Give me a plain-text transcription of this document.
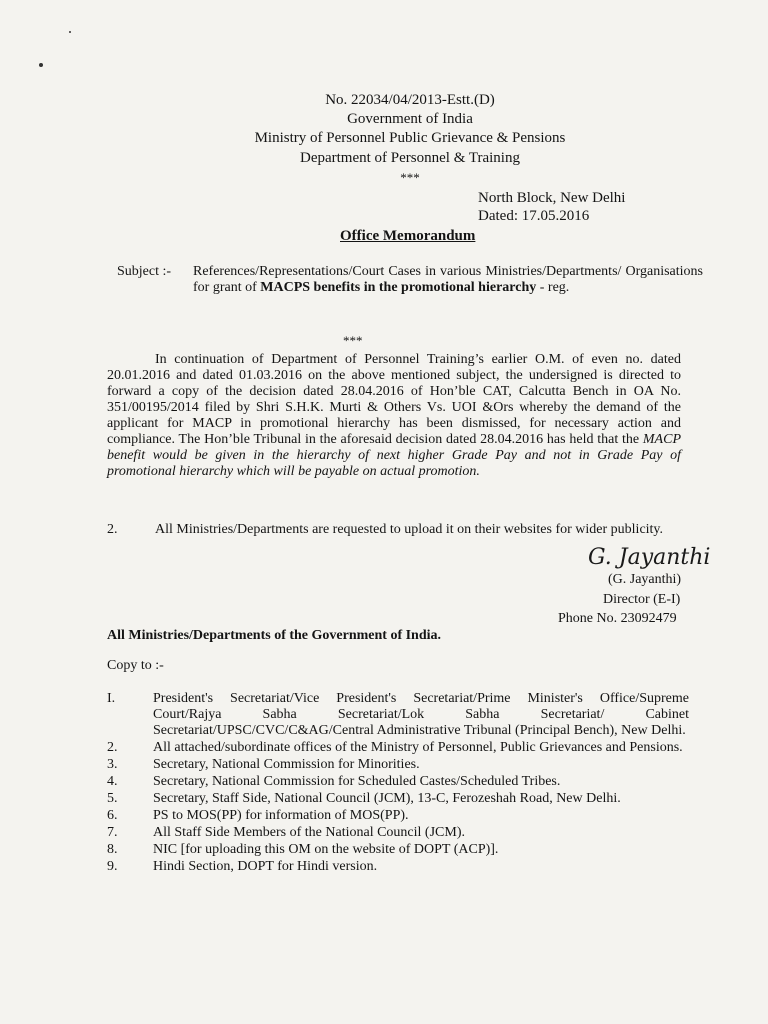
No. 22034/04/2013-Estt.(D)
Government of India
Ministry of Personnel Public Grievance & Pensions
Department of Personnel & Training
***
North Block, New Delhi
Dated: 17.05.2016
Office Memorandum
Subject :- References/Representations/Court Cases in various Ministries/Departments/ Organisations for grant of MACPS benefits in the promotional hierarchy - reg.
***
In continuation of Department of Personnel Training’s earlier O.M. of even no. dated 20.01.2016 and dated 01.03.2016 on the above mentioned subject, the undersigned is directed to forward a copy of the decision dated 28.04.2016 of Hon’ble CAT, Calcutta Bench in OA No. 351/00195/2014 filed by Shri S.H.K. Murti & Others Vs. UOI &Ors whereby the demand of the applicant for MACP in promotional hierarchy has been dismissed, for necessary action and compliance. The Hon’ble Tribunal in the aforesaid decision dated 28.04.2016 has held that the MACP benefit would be given in the hierarchy of next higher Grade Pay and not in Grade Pay of promotional hierarchy which will be payable on actual promotion.
2.	All Ministries/Departments are requested to upload it on their websites for wider publicity.
G. Jayanthi
(G. Jayanthi)
Director (E-I)
Phone No. 23092479
All Ministries/Departments of the Government of India.
Copy to :-
I.	President's Secretariat/Vice President's Secretariat/Prime Minister's Office/Supreme Court/Rajya Sabha Secretariat/Lok Sabha Secretariat/ Cabinet Secretariat/UPSC/CVC/C&AG/Central Administrative Tribunal (Principal Bench), New Delhi.
2.	All attached/subordinate offices of the Ministry of Personnel, Public Grievances and Pensions.
3.	Secretary, National Commission for Minorities.
4.	Secretary, National Commission for Scheduled Castes/Scheduled Tribes.
5.	Secretary, Staff Side, National Council (JCM), 13-C, Ferozeshah Road, New Delhi.
6.	PS to MOS(PP) for information of MOS(PP).
7.	All Staff Side Members of the National Council (JCM).
8.	NIC [for uploading this OM on the website of DOPT (ACP)].
9.	Hindi Section, DOPT for Hindi version.
